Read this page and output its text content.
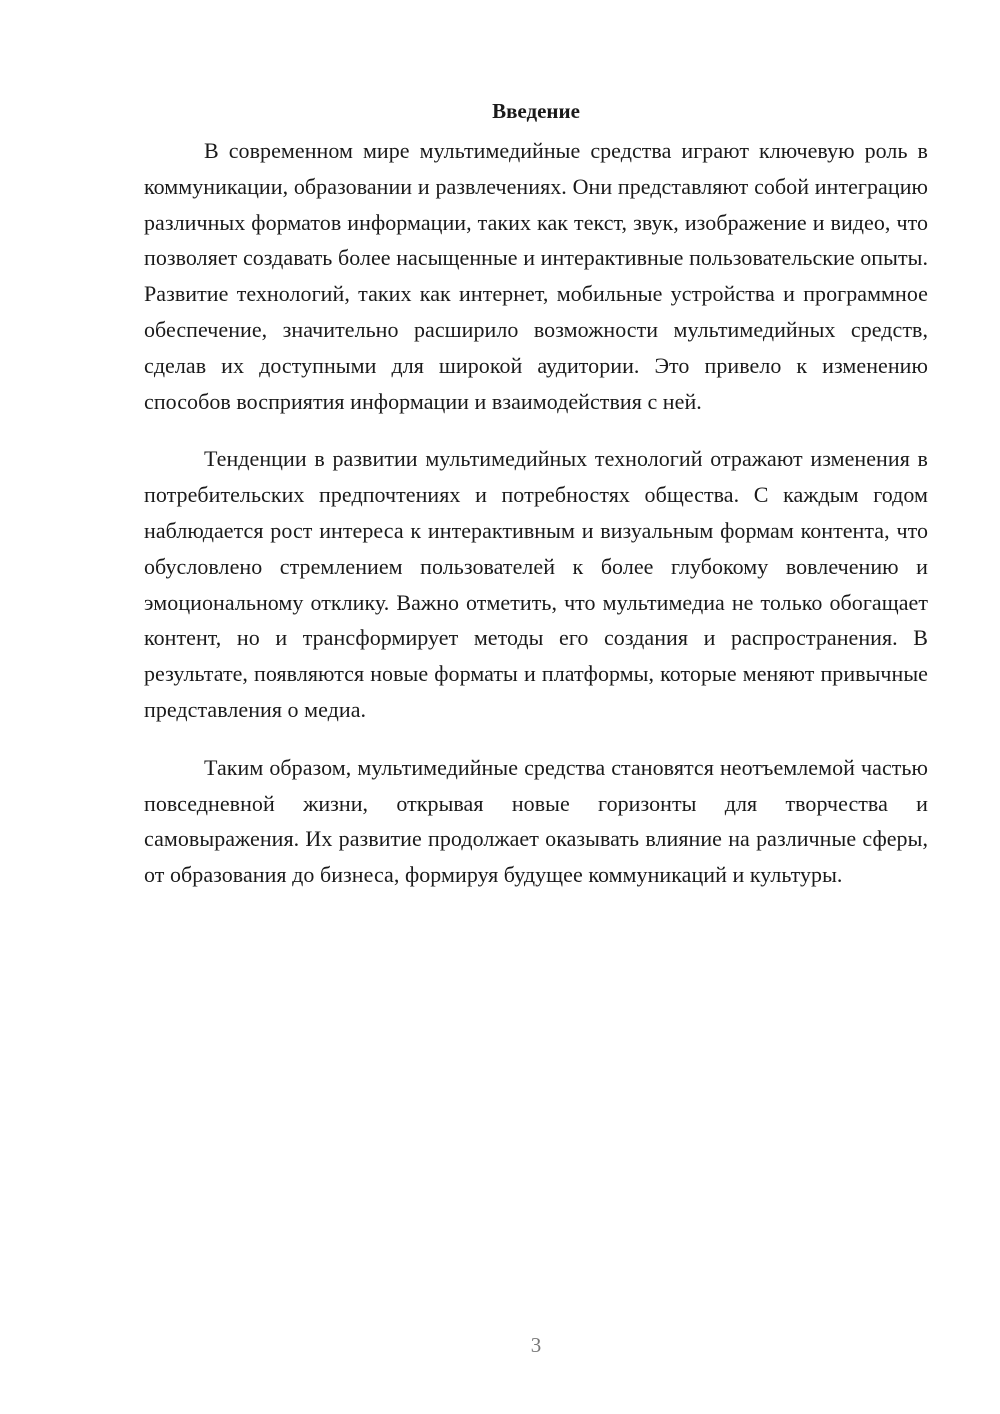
Введение

В современном мире мультимедийные средства играют ключевую роль в коммуникации, образовании и развлечениях. Они представляют собой интеграцию различных форматов информации, таких как текст, звук, изображение и видео, что позволяет создавать более насыщенные и интерактивные пользовательские опыты. Развитие технологий, таких как интернет, мобильные устройства и программное обеспечение, значительно расширило возможности мультимедийных средств, сделав их доступными для широкой аудитории. Это привело к изменению способов восприятия информации и взаимодействия с ней.

Тенденции в развитии мультимедийных технологий отражают изменения в потребительских предпочтениях и потребностях общества. С каждым годом наблюдается рост интереса к интерактивным и визуальным формам контента, что обусловлено стремлением пользователей к более глубокому вовлечению и эмоциональному отклику. Важно отметить, что мультимедиа не только обогащает контент, но и трансформирует методы его создания и распространения. В результате, появляются новые форматы и платформы, которые меняют привычные представления о медиа.

Таким образом, мультимедийные средства становятся неотъемлемой частью повседневной жизни, открывая новые горизонты для творчества и самовыражения. Их развитие продолжает оказывать влияние на различные сферы, от образования до бизнеса, формируя будущее коммуникаций и культуры.

3
